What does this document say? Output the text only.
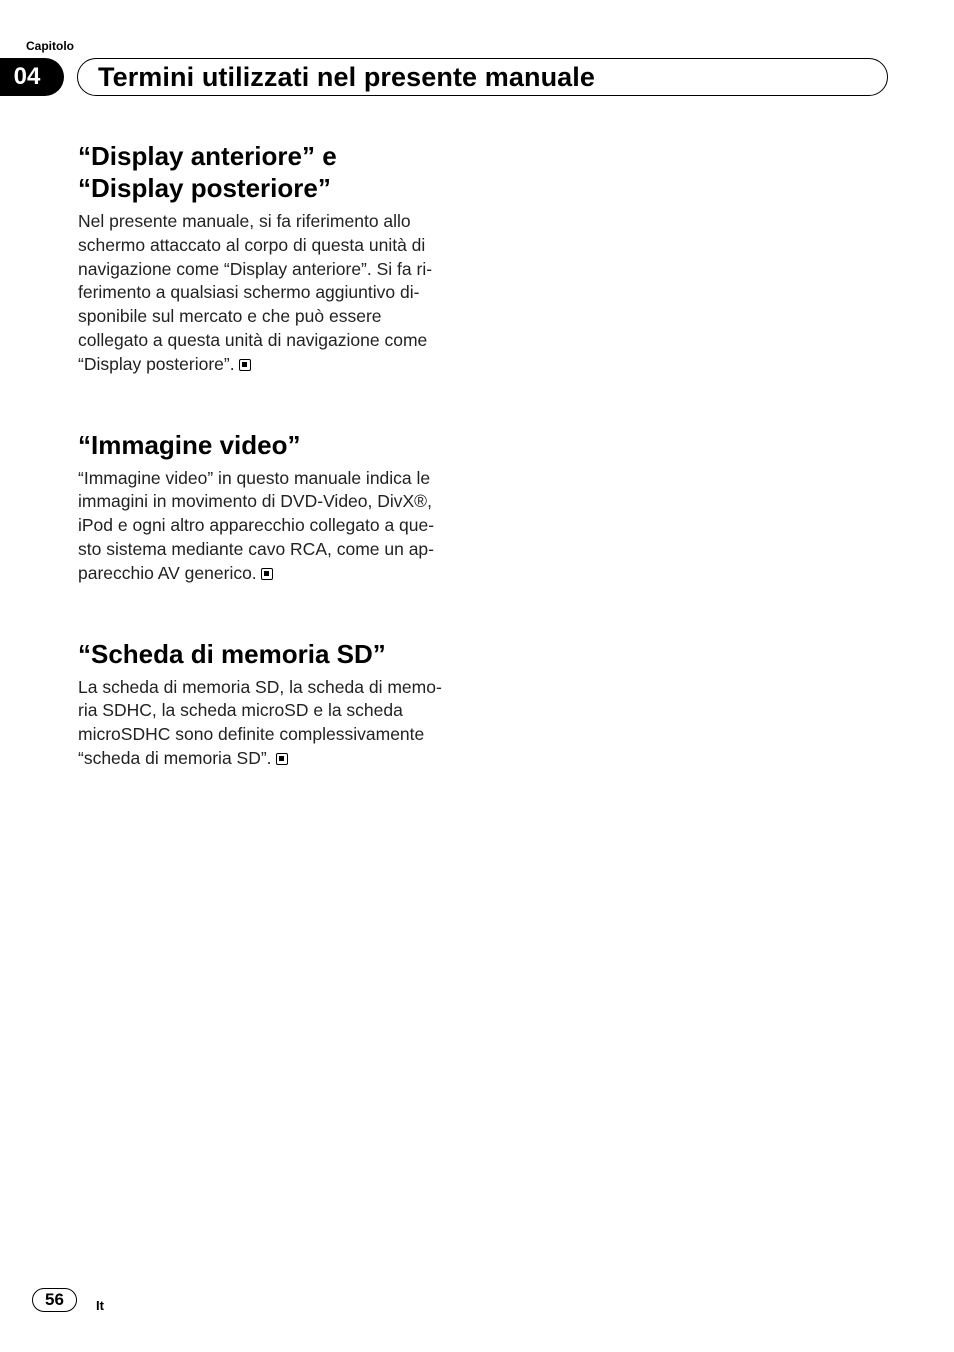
Capitolo
04	Termini utilizzati nel presente manuale
“Display anteriore” e
“Display posteriore”

Nel presente manuale, si fa riferimento allo
schermo attaccato al corpo di questa unità di
navigazione come “Display anteriore”. Si fa ri-
ferimento a qualsiasi schermo aggiuntivo di-
sponibile sul mercato e che può essere
collegato a questa unità di navigazione come
“Display posteriore”.

“Immagine video”

“Immagine video” in questo manuale indica le
immagini in movimento di DVD-Video, DivX®,
iPod e ogni altro apparecchio collegato a que-
sto sistema mediante cavo RCA, come un ap-
parecchio AV generico.

“Scheda di memoria SD”

La scheda di memoria SD, la scheda di memo-
ria SDHC, la scheda microSD e la scheda
microSDHC sono definite complessivamente
“scheda di memoria SD”.

56	It
